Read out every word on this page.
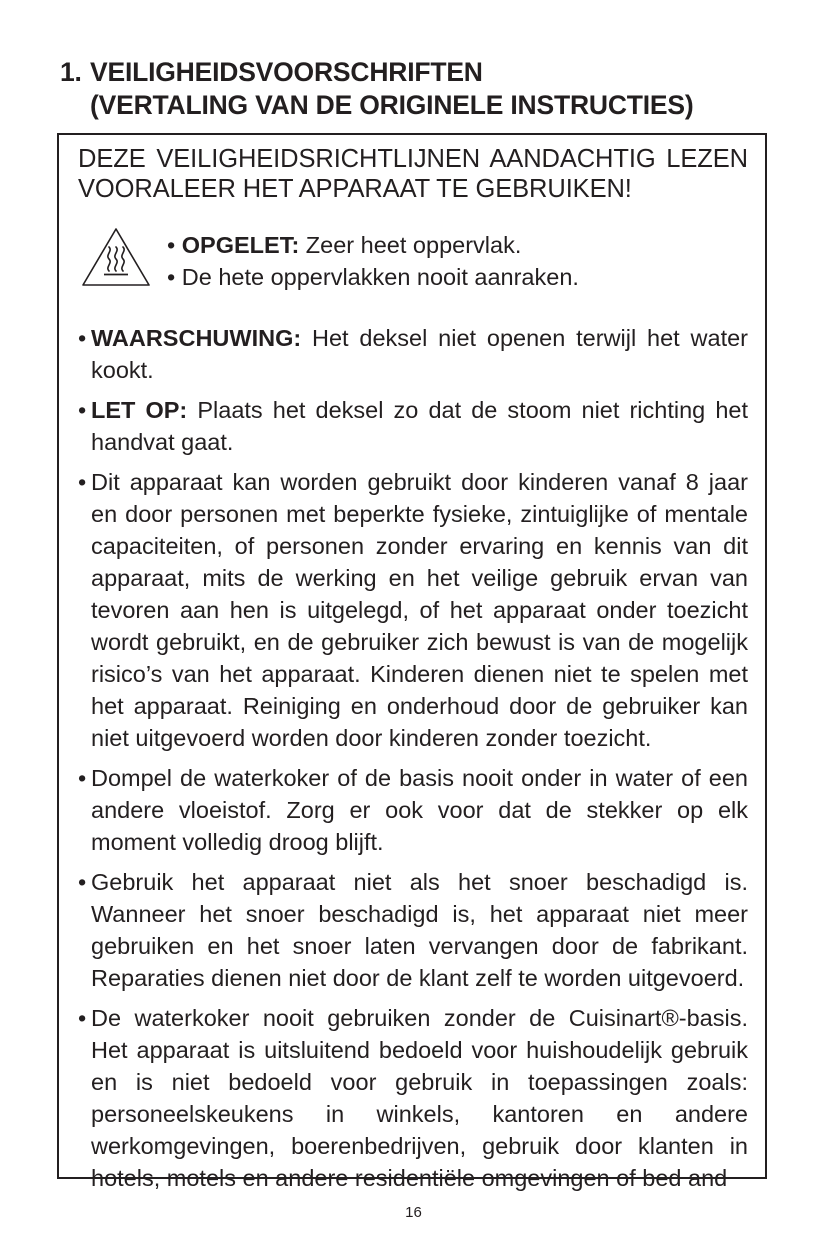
1. VEILIGHEIDSVOORSCHRIFTEN
(VERTALING VAN DE ORIGINELE INSTRUCTIES)
DEZE VEILIGHEIDSRICHTLIJNEN AANDACHTIG LEZEN VOORALEER HET APPARAAT TE GEBRUIKEN!
• OPGELET: Zeer heet oppervlak.
• De hete oppervlakken nooit aanraken.
• WAARSCHUWING: Het deksel niet openen terwijl het water kookt.
• LET OP: Plaats het deksel zo dat de stoom niet richting het handvat gaat.
• Dit apparaat kan worden gebruikt door kinderen vanaf 8 jaar en door personen met beperkte fysieke, zintuiglijke of mentale capaciteiten, of personen zonder ervaring en kennis van dit apparaat, mits de werking en het veilige gebruik ervan van tevoren aan hen is uitgelegd, of het apparaat onder toezicht wordt gebruikt, en de gebruiker zich bewust is van de mogelijk risico’s van het apparaat. Kinderen dienen niet te spelen met het apparaat. Reiniging en onderhoud door de gebruiker kan niet uitgevoerd worden door kinderen zonder toezicht.
• Dompel de waterkoker of de basis nooit onder in water of een andere vloeistof. Zorg er ook voor dat de stekker op elk moment volledig droog blijft.
• Gebruik het apparaat niet als het snoer beschadigd is. Wanneer het snoer beschadigd is, het apparaat niet meer gebruiken en het snoer laten vervangen door de fabrikant. Reparaties dienen niet door de klant zelf te worden uitgevoerd.
• De waterkoker nooit gebruiken zonder de Cuisinart®-basis. Het apparaat is uitsluitend bedoeld voor huishoudelijk gebruik en is niet bedoeld voor gebruik in toepassingen zoals: personeelskeukens in winkels, kantoren en andere werkomgevingen, boerenbedrijven, gebruik door klanten in hotels, motels en andere residentiële omgevingen of bed and
16
